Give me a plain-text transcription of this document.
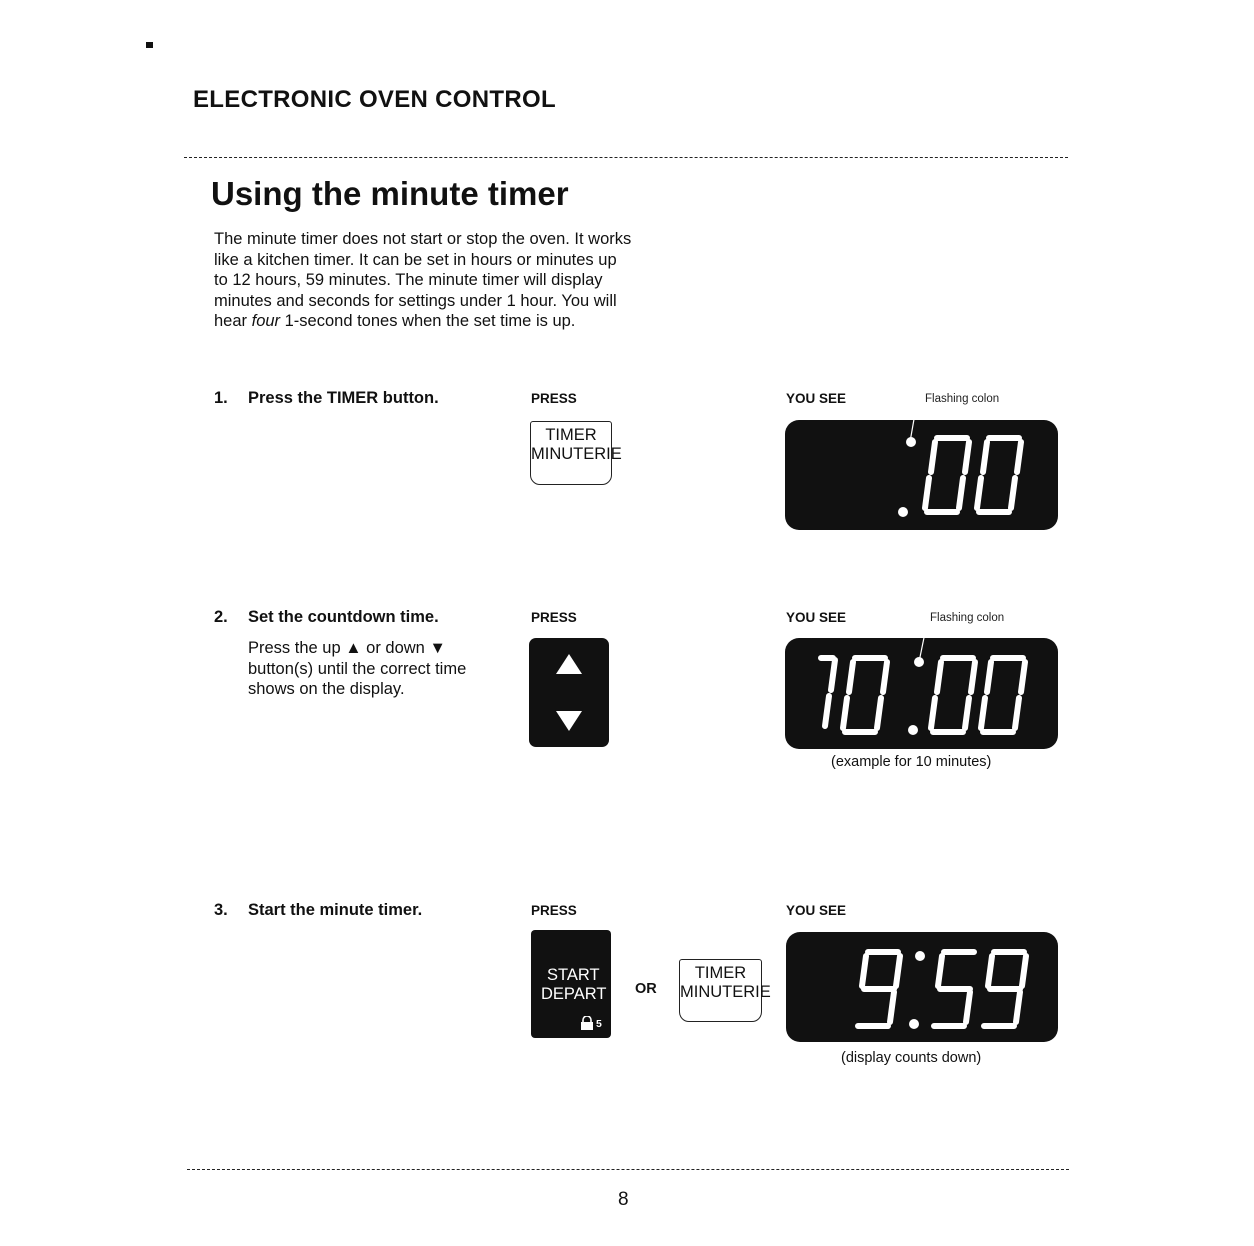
ELECTRONIC OVEN CONTROL
Using the minute timer

The minute timer does not start or stop the oven. It works like a kitchen timer. It can be set in hours or minutes up to 12 hours, 59 minutes. The minute timer will display minutes and seconds for settings under 1 hour. You will hear four 1-second tones when the set time is up.

1. Press the TIMER button.	PRESS	YOU SEE	Flashing colon
TIMER
MINUTERIE
2. Set the countdown time.
Press the up ▲ or down ▼ button(s) until the correct time shows on the display.
PRESS	YOU SEE	Flashing colon
(example for 10 minutes)
3. Start the minute timer.	PRESS	YOU SEE
START
DEPART
5
OR
TIMER
MINUTERIE
(display counts down)
8
